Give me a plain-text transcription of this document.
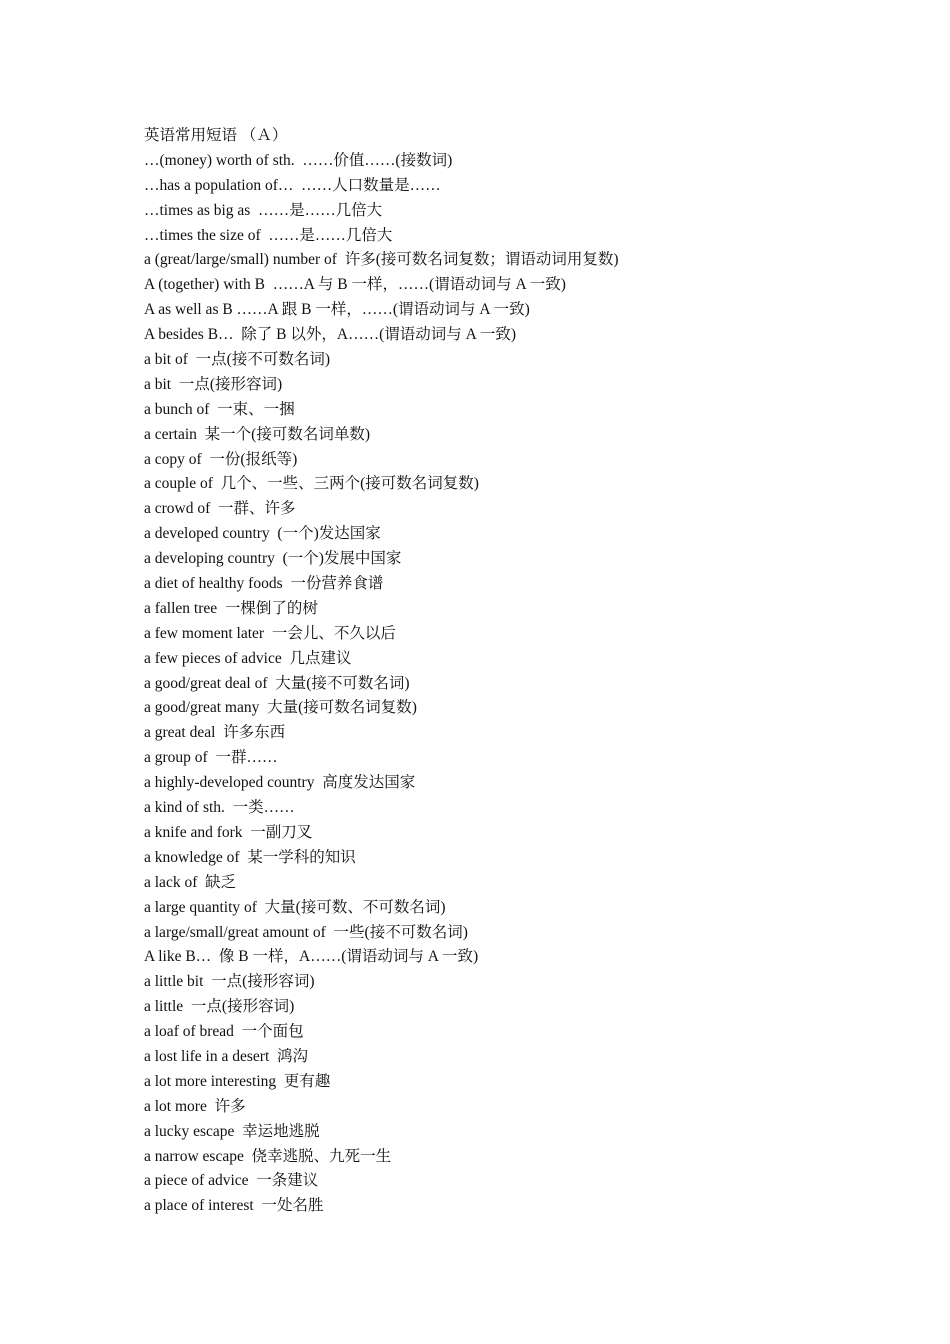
英语常用短语 （Ａ）
…(money) worth of sth.  ……价值……(接数词)
…has a population of…  ……人口数量是……
…times as big as  ……是……几倍大
…times the size of  ……是……几倍大
a (great/large/small) number of  许多(接可数名词复数；谓语动词用复数)
A (together) with B  ……A 与 B 一样，……(谓语动词与 A 一致)
A as well as B ……A 跟 B 一样，……(谓语动词与 A 一致)
A besides B…  除了 B 以外，A……(谓语动词与 A 一致)
a bit of  一点(接不可数名词)
a bit  一点(接形容词)
a bunch of  一束、一捆
a certain  某一个(接可数名词单数)
a copy of  一份(报纸等)
a couple of  几个、一些、三两个(接可数名词复数)
a crowd of  一群、许多
a developed country  (一个)发达国家
a developing country  (一个)发展中国家
a diet of healthy foods  一份营养食谱
a fallen tree  一棵倒了的树
a few moment later  一会儿、不久以后
a few pieces of advice  几点建议
a good/great deal of  大量(接不可数名词)
a good/great many  大量(接可数名词复数)
a great deal  许多东西
a group of  一群……
a highly-developed country  高度发达国家
a kind of sth.  一类……
a knife and fork  一副刀叉
a knowledge of  某一学科的知识
a lack of  缺乏
a large quantity of  大量(接可数、不可数名词)
a large/small/great amount of  一些(接不可数名词)
A like B…  像 B 一样，A……(谓语动词与 A 一致)
a little bit  一点(接形容词)
a little  一点(接形容词)
a loaf of bread  一个面包
a lost life in a desert  鸿沟
a lot more interesting  更有趣
a lot more  许多
a lucky escape  幸运地逃脱
a narrow escape  侥幸逃脱、九死一生
a piece of advice  一条建议
a place of interest  一处名胜
